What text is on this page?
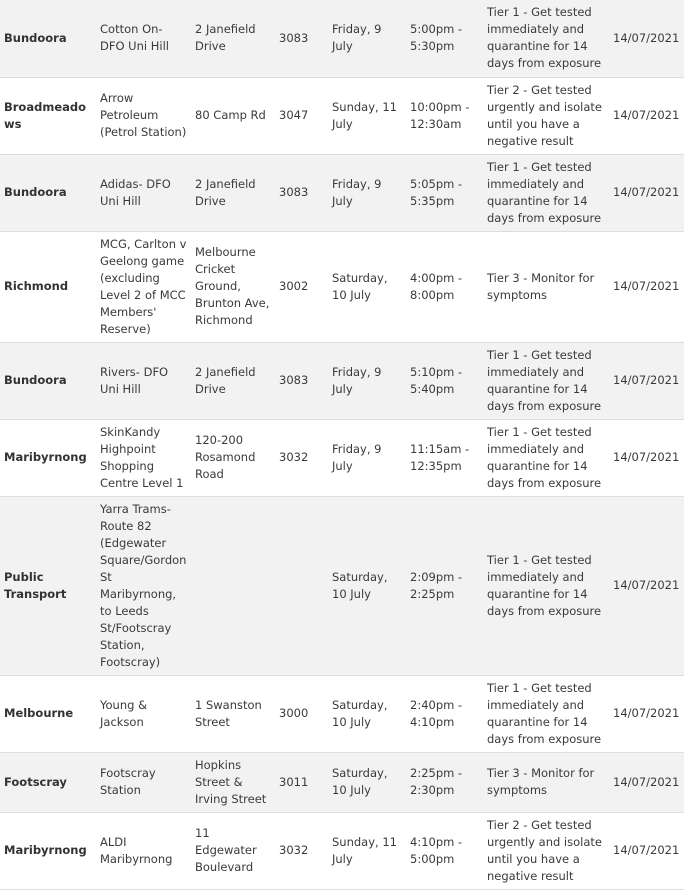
Bundoora	Cotton On- DFO Uni Hill	2 Janefield Drive	3083	Friday, 9 July	5:00pm - 5:30pm	Tier 1 - Get tested immediately and quarantine for 14 days from exposure	14/07/2021
Broadmeadows	Arrow Petroleum (Petrol Station)	80 Camp Rd	3047	Sunday, 11 July	10:00pm - 12:30am	Tier 2 - Get tested urgently and isolate until you have a negative result	14/07/2021
Bundoora	Adidas- DFO Uni Hill	2 Janefield Drive	3083	Friday, 9 July	5:05pm - 5:35pm	Tier 1 - Get tested immediately and quarantine for 14 days from exposure	14/07/2021
Richmond	MCG, Carlton v Geelong game (excluding Level 2 of MCC Members' Reserve)	Melbourne Cricket Ground, Brunton Ave, Richmond	3002	Saturday, 10 July	4:00pm - 8:00pm	Tier 3 - Monitor for symptoms	14/07/2021
Bundoora	Rivers- DFO Uni Hill	2 Janefield Drive	3083	Friday, 9 July	5:10pm - 5:40pm	Tier 1 - Get tested immediately and quarantine for 14 days from exposure	14/07/2021
Maribyrnong	SkinKandy Highpoint Shopping Centre Level 1	120-200 Rosamond Road	3032	Friday, 9 July	11:15am - 12:35pm	Tier 1 - Get tested immediately and quarantine for 14 days from exposure	14/07/2021
Public Transport	Yarra Trams- Route 82 (Edgewater Square/Gordon St Maribyrnong, to Leeds St/Footscray Station, Footscray)			Saturday, 10 July	2:09pm - 2:25pm	Tier 1 - Get tested immediately and quarantine for 14 days from exposure	14/07/2021
Melbourne	Young & Jackson	1 Swanston Street	3000	Saturday, 10 July	2:40pm - 4:10pm	Tier 1 - Get tested immediately and quarantine for 14 days from exposure	14/07/2021
Footscray	Footscray Station	Hopkins Street & Irving Street	3011	Saturday, 10 July	2:25pm - 2:30pm	Tier 3 - Monitor for symptoms	14/07/2021
Maribyrnong	ALDI Maribyrnong	11 Edgewater Boulevard	3032	Sunday, 11 July	4:10pm - 5:00pm	Tier 2 - Get tested urgently and isolate until you have a negative result	14/07/2021
